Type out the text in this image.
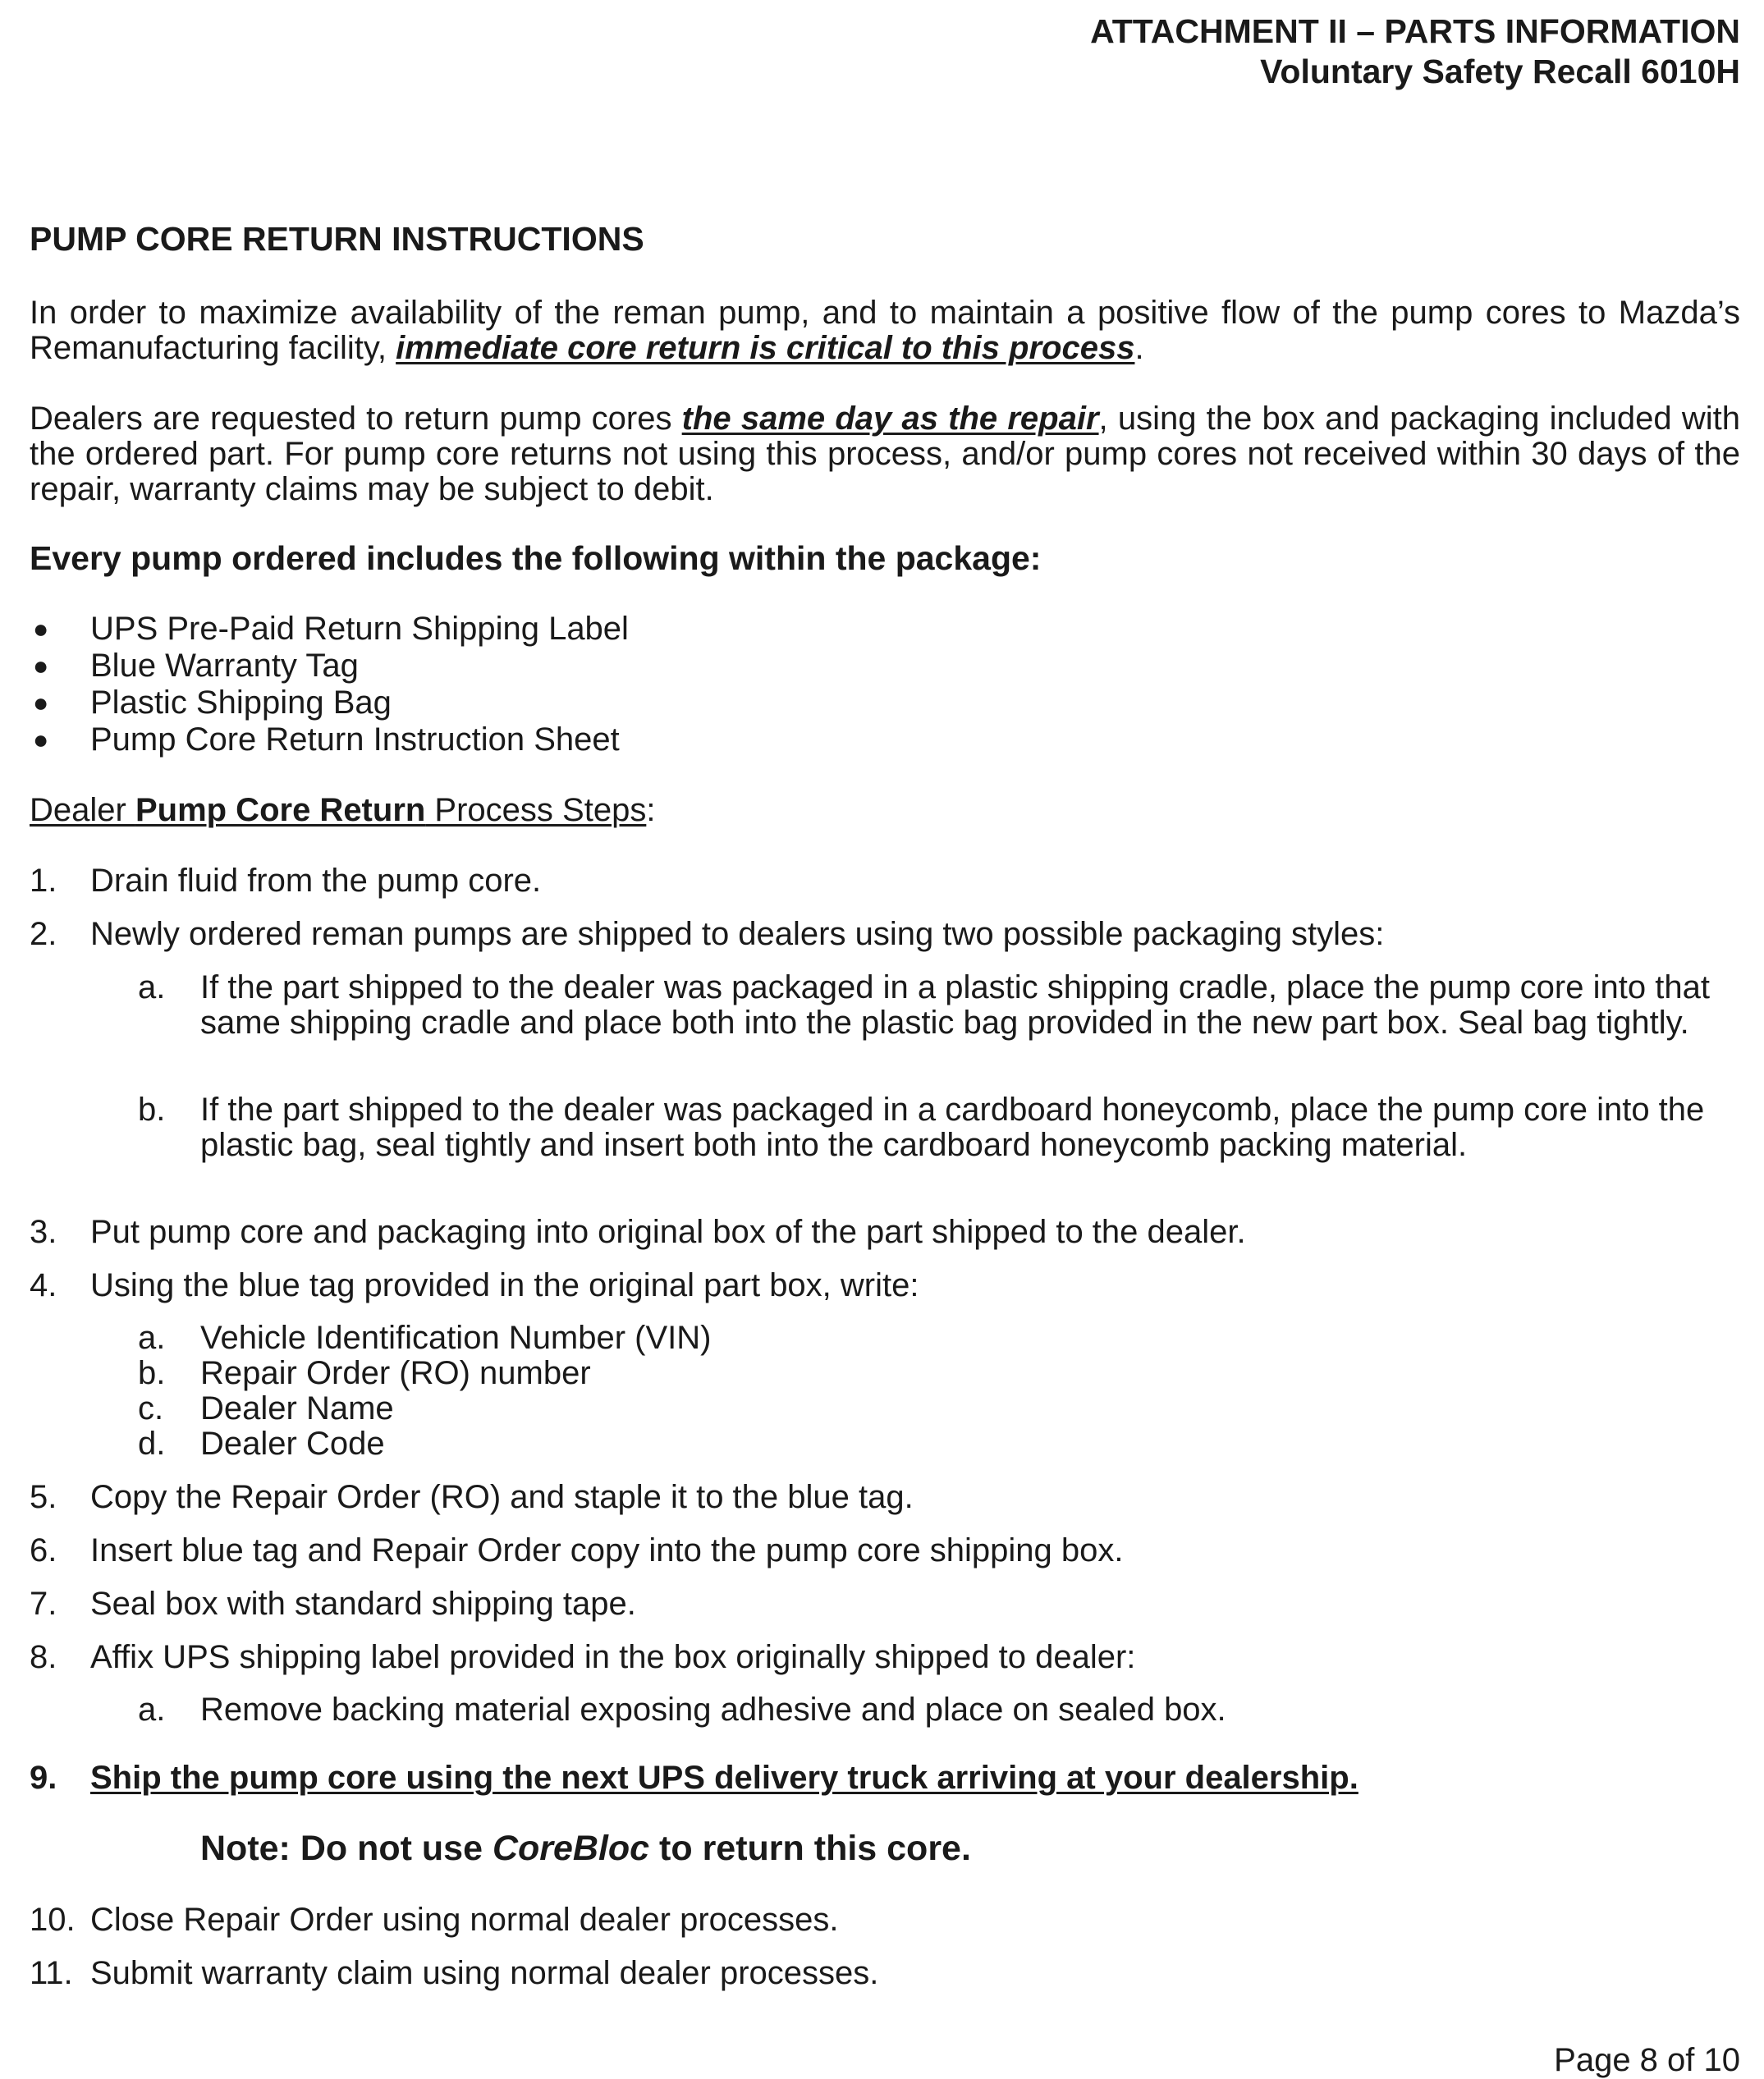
ATTACHMENT II – PARTS INFORMATION
Voluntary Safety Recall 6010H
PUMP CORE RETURN INSTRUCTIONS
In order to maximize availability of the reman pump, and to maintain a positive flow of the pump cores to Mazda’s Remanufacturing facility, immediate core return is critical to this process.
Dealers are requested to return pump cores the same day as the repair, using the box and packaging included with the ordered part. For pump core returns not using this process, and/or pump cores not received within 30 days of the repair, warranty claims may be subject to debit.
Every pump ordered includes the following within the package:
● UPS Pre-Paid Return Shipping Label
● Blue Warranty Tag
● Plastic Shipping Bag
● Pump Core Return Instruction Sheet
Dealer Pump Core Return Process Steps:
1. Drain fluid from the pump core.
2. Newly ordered reman pumps are shipped to dealers using two possible packaging styles:
a. If the part shipped to the dealer was packaged in a plastic shipping cradle, place the pump core into that same shipping cradle and place both into the plastic bag provided in the new part box. Seal bag tightly.
b. If the part shipped to the dealer was packaged in a cardboard honeycomb, place the pump core into the plastic bag, seal tightly and insert both into the cardboard honeycomb packing material.
3. Put pump core and packaging into original box of the part shipped to the dealer.
4. Using the blue tag provided in the original part box, write:
a. Vehicle Identification Number (VIN)
b. Repair Order (RO) number
c. Dealer Name
d. Dealer Code
5. Copy the Repair Order (RO) and staple it to the blue tag.
6. Insert blue tag and Repair Order copy into the pump core shipping box.
7. Seal box with standard shipping tape.
8. Affix UPS shipping label provided in the box originally shipped to dealer:
a. Remove backing material exposing adhesive and place on sealed box.
9. Ship the pump core using the next UPS delivery truck arriving at your dealership.
Note: Do not use CoreBloc to return this core.
10. Close Repair Order using normal dealer processes.
11. Submit warranty claim using normal dealer processes.
Page 8 of 10
